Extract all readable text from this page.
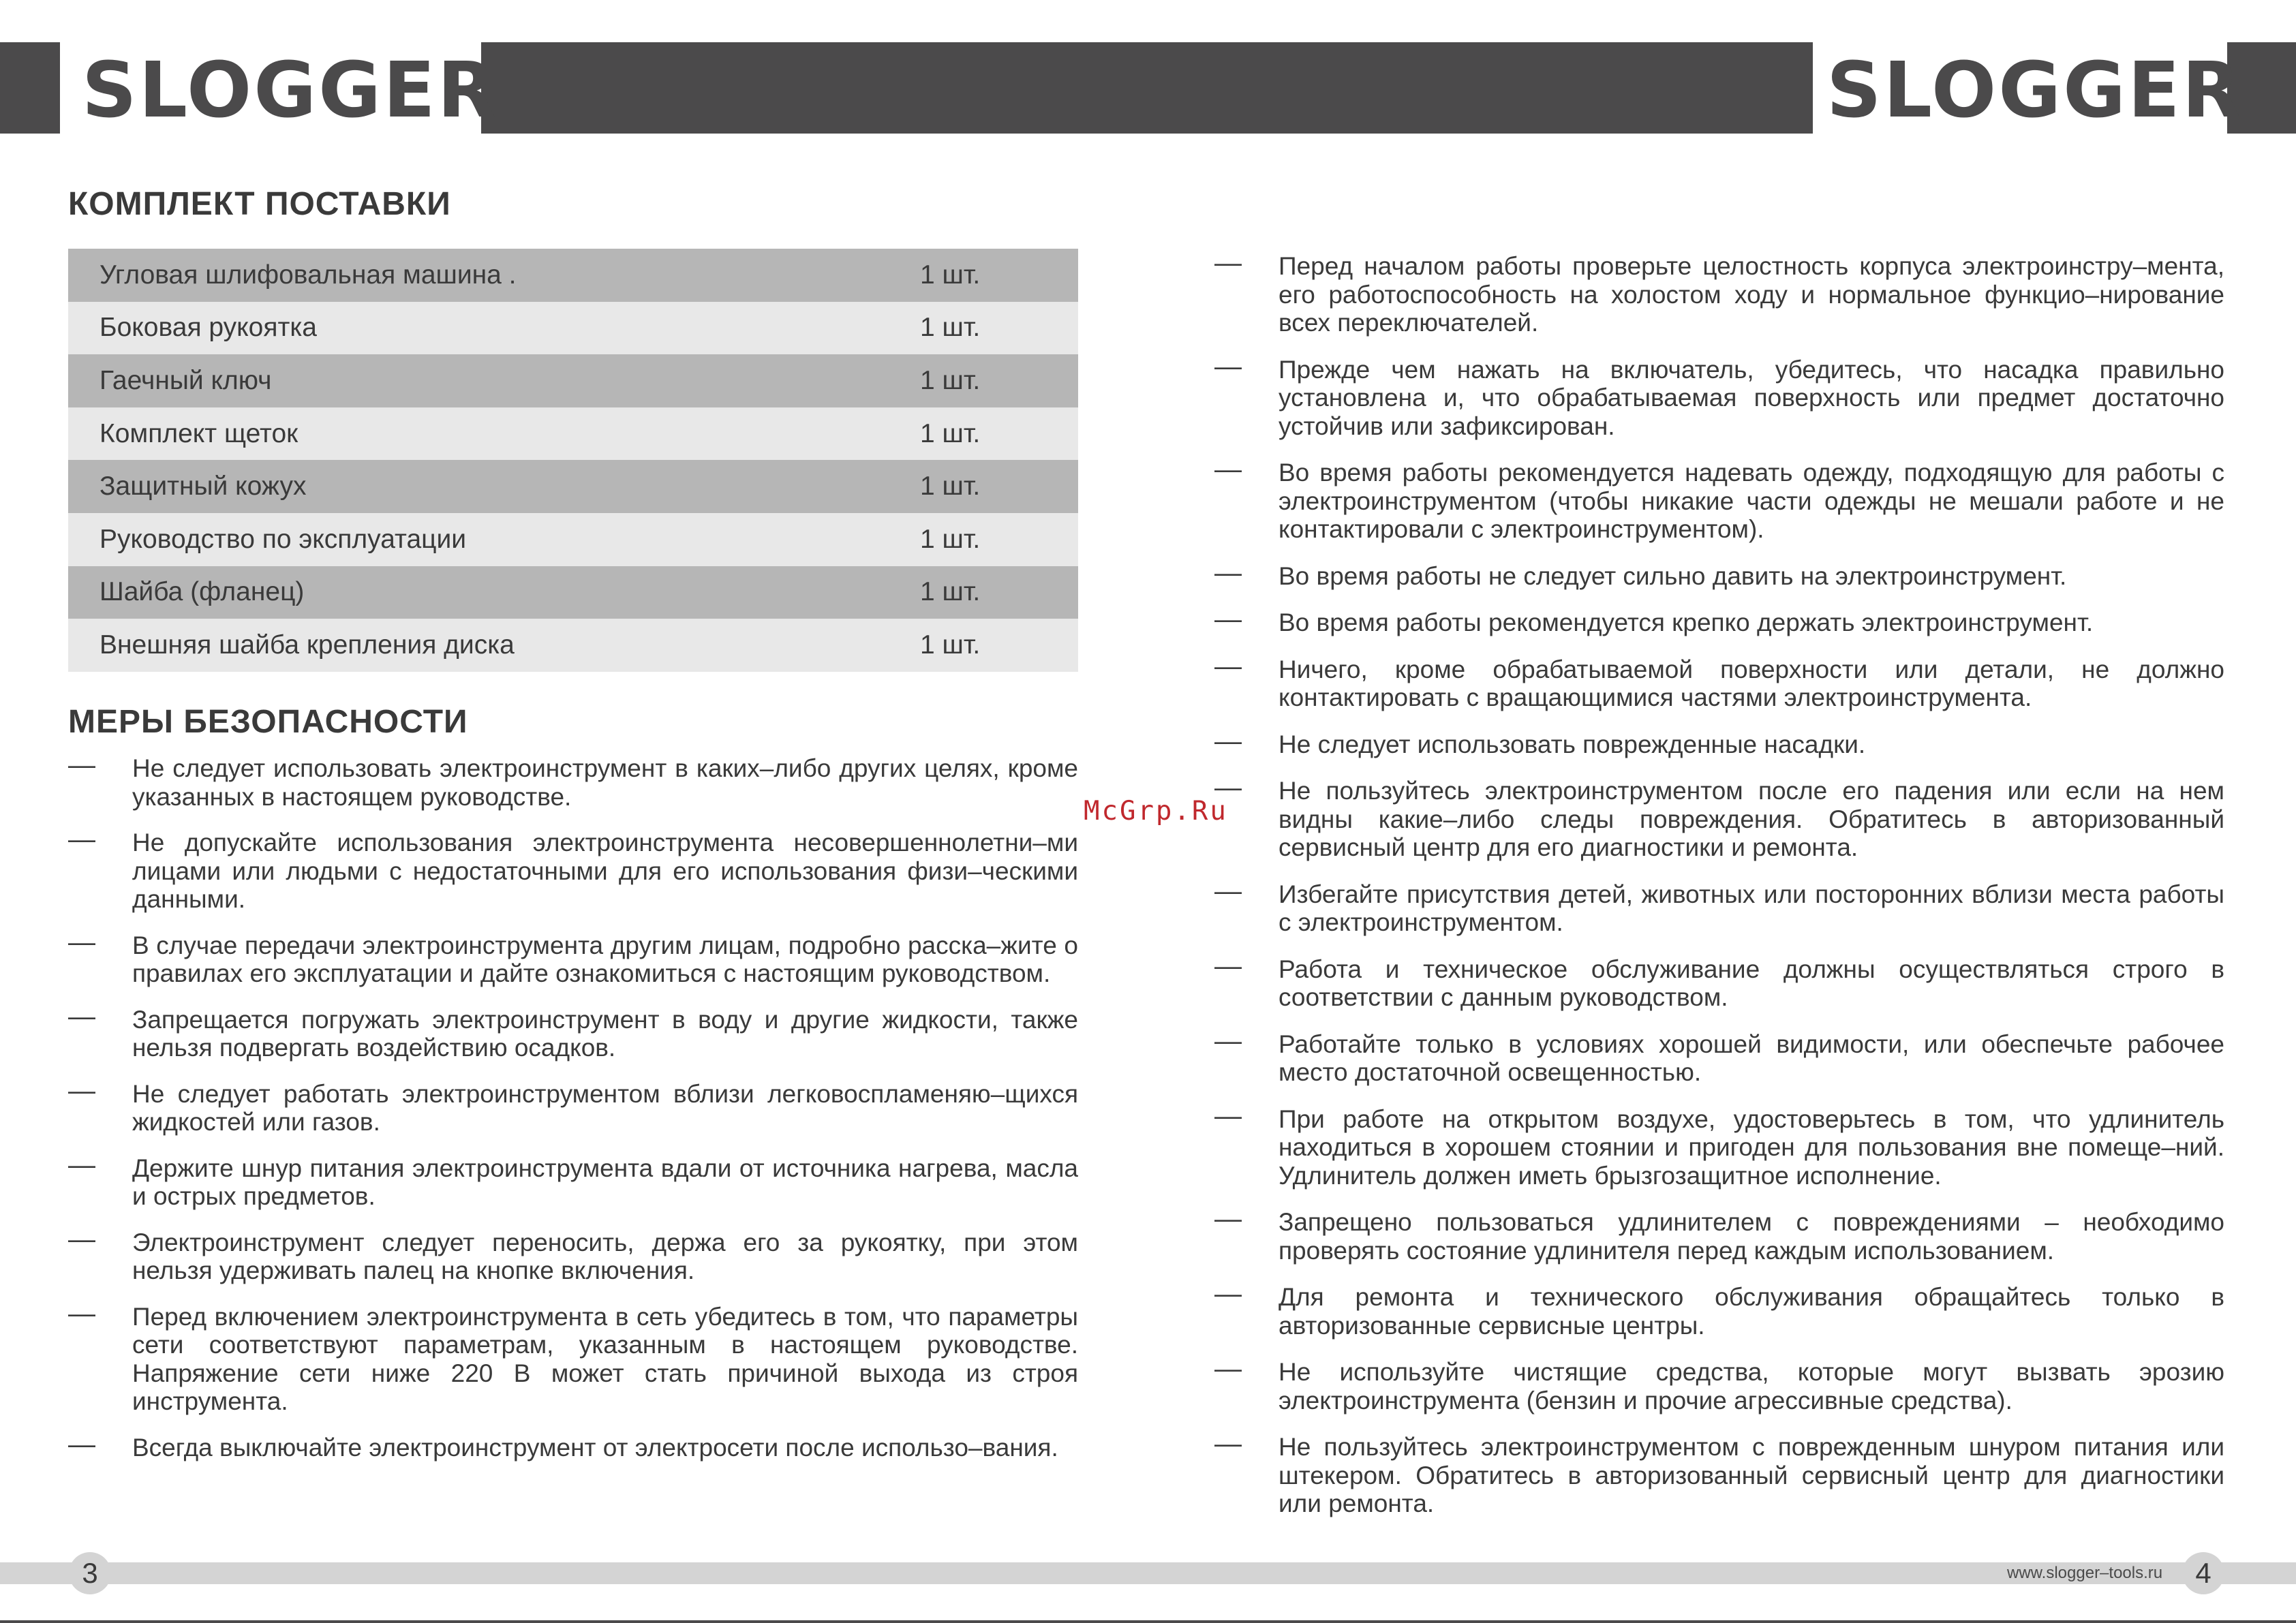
SLOGGER	SLOGGER
КОМПЛЕКТ ПОСТАВКИ
Угловая шлифовальная машина .	1 шт.
Боковая рукоятка	1 шт.
Гаечный ключ	1 шт.
Комплект щеток	1 шт.
Защитный кожух	1 шт.
Руководство по эксплуатации	1 шт.
Шайба (фланец)	1 шт.
Внешняя шайба крепления диска	1 шт.
МЕРЫ БЕЗОПАСНОСТИ
— Не следует использовать электроинструмент в каких–либо других целях, кроме указанных в настоящем руководстве.
— Не допускайте использования электроинструмента несовершеннолетни–ми лицами или людьми с недостаточными для его использования физи–ческими данными.
— В случае передачи электроинструмента другим лицам, подробно расска–жите о правилах его эксплуатации и дайте ознакомиться с настоящим руководством.
— Запрещается погружать электроинструмент в воду и другие жидкости, также нельзя подвергать воздействию осадков.
— Не следует работать электроинструментом вблизи легковоспламеняю–щихся жидкостей или газов.
— Держите шнур питания электроинструмента вдали от источника нагрева, масла и острых предметов.
— Электроинструмент следует переносить, держа его за рукоятку, при этом нельзя удерживать палец на кнопке включения.
— Перед включением электроинструмента в сеть убедитесь в том, что параметры сети соответствуют параметрам, указанным в настоящем руководстве. Напряжение сети ниже 220 В может стать причиной выхода из строя инструмента.
— Всегда выключайте электроинструмент от электросети после использо–вания.
— Перед началом работы проверьте целостность корпуса электроинстру–мента, его работоспособность на холостом ходу и нормальное функцио–нирование всех переключателей.
— Прежде чем нажать на включатель, убедитесь, что насадка правильно установлена и, что обрабатываемая поверхность или предмет достаточно устойчив или зафиксирован.
— Во время работы рекомендуется надевать одежду, подходящую для работы с электроинструментом (чтобы никакие части одежды не мешали работе и не контактировали с электроинструментом).
— Во время работы не следует сильно давить на электроинструмент.
— Во время работы рекомендуется крепко держать электроинструмент.
— Ничего, кроме обрабатываемой поверхности или детали, не должно контактировать с вращающимися частями электроинструмента.
— Не следует использовать поврежденные насадки.
— Не пользуйтесь электроинструментом после его падения или если на нем видны какие–либо следы повреждения. Обратитесь в авторизованный сервисный центр для его диагностики и ремонта.
— Избегайте присутствия детей, животных или посторонних вблизи места работы с электроинструментом.
— Работа и техническое обслуживание должны осуществляться строго в соответствии с данным руководством.
— Работайте только в условиях хорошей видимости, или обеспечьте рабочее место достаточной освещенностью.
— При работе на открытом воздухе, удостоверьтесь в том, что удлинитель находиться в хорошем стоянии и пригоден для пользования вне помеще–ний. Удлинитель должен иметь брызгозащитное исполнение.
— Запрещено пользоваться удлинителем с повреждениями – необходимо проверять состояние удлинителя перед каждым использованием.
— Для ремонта и технического обслуживания обращайтесь только в авторизованные сервисные центры.
— Не используйте чистящие средства, которые могут вызвать эрозию электроинструмента (бензин и прочие агрессивные средства).
— Не пользуйтесь электроинструментом с поврежденным шнуром питания или штекером. Обратитесь в авторизованный сервисный центр для диагностики или ремонта.
McGrp.Ru
3	www.slogger–tools.ru	4
